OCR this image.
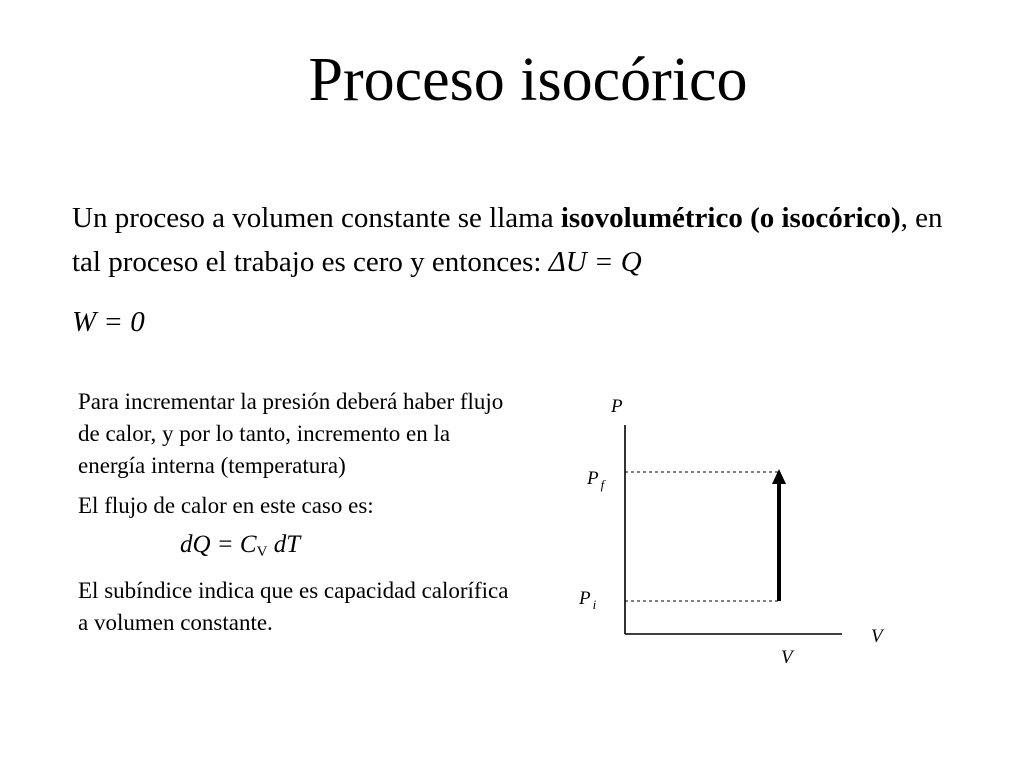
Proceso isocórico
Un proceso a volumen constante se llama isovolumétrico (o isocórico), en tal proceso el trabajo es cero y entonces: ΔU = Q
W = 0

Para incrementar la presión deberá haber flujo de calor, y por lo tanto, incremento en la energía interna (temperatura)

El flujo de calor en este caso es:

dQ = $C_V$ dT

El subíndice indica que es capacidad calorífica a volumen constante.

P
V
P $_f$
P $_i$
V
